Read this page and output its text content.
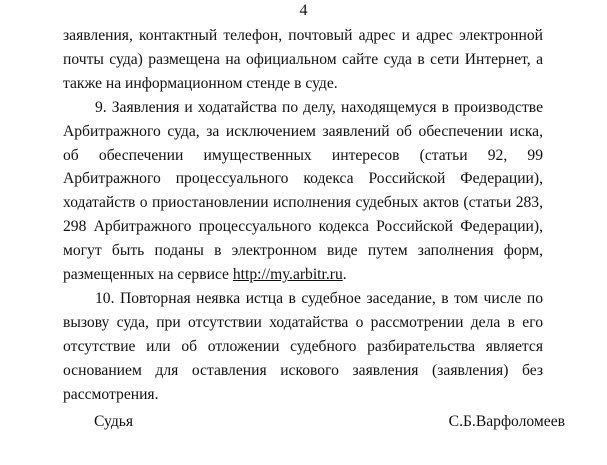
4

заявления, контактный телефон, почтовый адрес и адрес электронной почты суда) размещена на официальном сайте суда в сети Интернет, а также на информационном стенде в суде.

9. Заявления и ходатайства по делу, находящемуся в производстве Арбитражного суда, за исключением заявлений об обеспечении иска, об обеспечении имущественных интересов (статьи 92, 99 Арбитражного процессуального кодекса Российской Федерации), ходатайств о приостановлении исполнения судебных актов (статьи 283, 298 Арбитражного процессуального кодекса Российской Федерации), могут быть поданы в электронном виде путем заполнения форм, размещенных на сервисе http://my.arbitr.ru.

10. Повторная неявка истца в судебное заседание, в том числе по вызову суда, при отсутствии ходатайства о рассмотрении дела в его отсутствие или об отложении судебного разбирательства является основанием для оставления искового заявления (заявления) без рассмотрения.

Судья	С.Б.Варфоломеев
